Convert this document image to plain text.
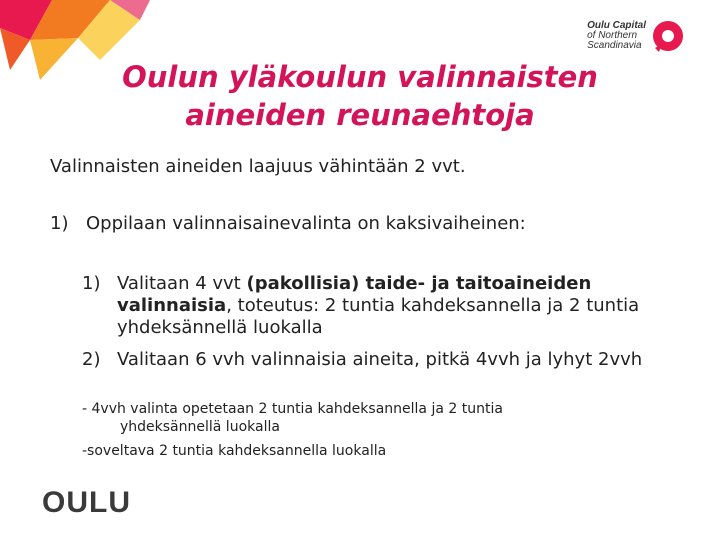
Oulu Capital
of Northern
Scandinavia
Oulun yläkoulun valinnaisten
aineiden reunaehtoja
Valinnaisten aineiden laajuus vähintään 2 vvt.
1) Oppilaan valinnaisainevalinta on kaksivaiheinen:
1) Valitaan 4 vvt (pakollisia) taide- ja taitoaineiden valinnaisia, toteutus: 2 tuntia kahdeksannella ja 2 tuntia yhdeksännellä luokalla
2) Valitaan 6 vvh valinnaisia aineita, pitkä 4vvh ja lyhyt 2vvh
- 4vvh valinta opetetaan 2 tuntia kahdeksannella ja 2 tuntia
yhdeksännellä luokalla
-soveltava 2 tuntia kahdeksannella luokalla
OULU
